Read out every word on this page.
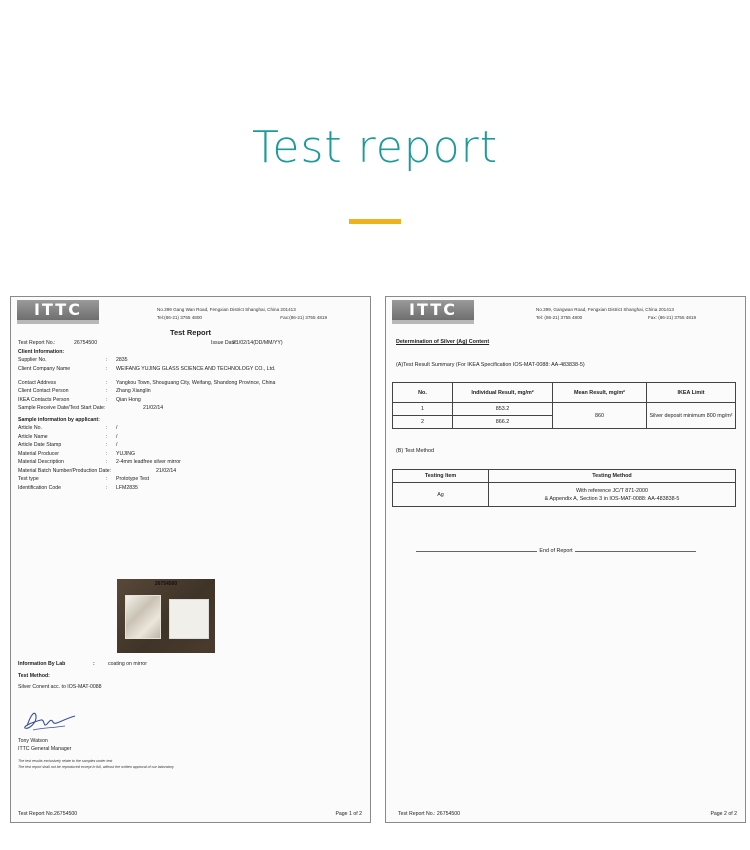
Test report
ITTC	No.399 Gang Wan Road, Fengxian District Shanghai, China 201413
Tel:(86-21) 3755 4800	Fax:(86-21) 3755 4819
Test Report
Test Report No.:	26754500	Issue Date:
21/02/14(DD/MM/YY)
Client Information:
Supplier No.	: 2835
Client Company Name	: WEIFANG YUJING GLASS SCIENCE AND TECHNOLOGY CO., Ltd.
Contact Address	: Yangkou Town, Shouguang City, Weifang, Shandong Province, China
Client Contact Person	: Zhang Xianglin
IKEA Contacts Person	: Qian Hong
Sample Receive Date/Test Start Date:	21/02/14
Sample information by applicant:
Article No.	: /
Article Name	: /
Article Date Stamp	: /
Material Producer	: YUJING
Material Description	: 2-4mm leadfree silver mirror
Material Batch Number/Production Date:	21/02/14
Test type	: Prototype Test
Identification Code	: LFM2835
26754500
Information By Lab	:	coating on mirror
Test Method:
Silver Conent acc. to IOS-MAT-0088
Tony Watson
ITTC General Manager
The test results exclusively relate to the samples under test
The test report shall not be reproduced except in full, without the written approval of our laboratory
Test Report No.26754500	Page 1 of 2
ITTC	No.399, Gangwan Road, Fengxian District Shanghai, China 201413
Tel: (86-21) 3755 4800	Fax: (86-21) 3755 4819
Determination of Silver (Ag) Content
(A)Test Result Summary (For IKEA Specification IOS-MAT-0088: AA-483838-5)
No.	Individual Result, mg/m²	Mean Result, mg/m²	IKEA Limit
1	853.2	860	Silver deposit minimum 800 mg/m²
2	866.2		
(B) Test Method
Testing Item	Testing Method
Ag	With reference JC/T 871-2000
& Appendix A, Section 3 in IOS-MAT-0088: AA-483838-5
End of Report
Test Report No.: 26754500	Page 2 of 2
